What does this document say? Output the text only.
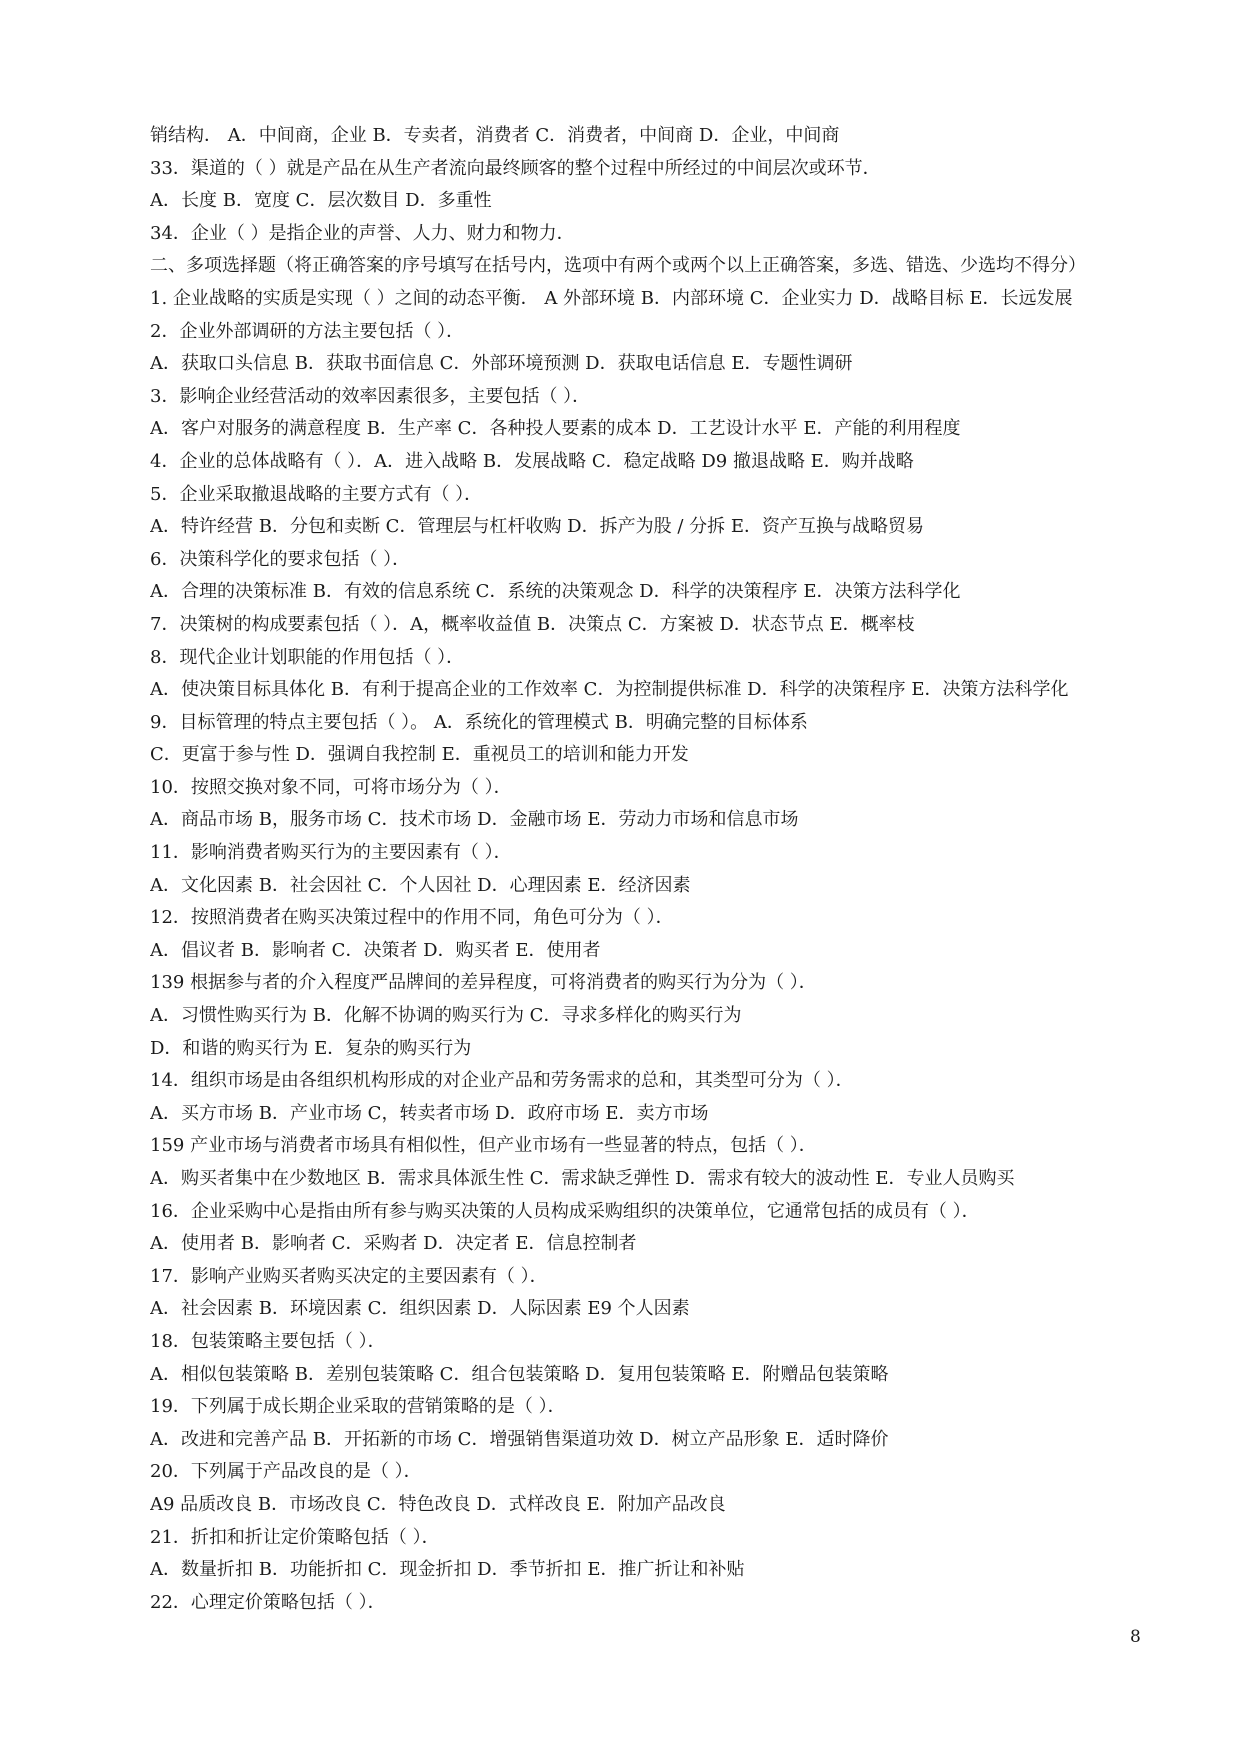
销结构． A．中间商，企业 B．专卖者，消费者 C．消费者，中间商 D．企业，中间商
33．渠道的（ ）就是产品在从生产者流向最终顾客的整个过程中所经过的中间层次或环节．
A．长度 B．宽度 C．层次数目 D．多重性
34．企业（ ）是指企业的声誉、人力、财力和物力．
二、多项选择题（将正确答案的序号填写在括号内，选项中有两个或两个以上正确答案，多选、错选、少选均不得分）
1. 企业战略的实质是实现（ ）之间的动态平衡． A 外部环境 B．内部环境 C．企业实力 D．战略目标 E．长远发展
2．企业外部调研的方法主要包括（ ）．
A．获取口头信息 B．获取书面信息 C．外部环境预测 D．获取电话信息 E．专题性调研
3．影响企业经营活动的效率因素很多，主要包括（ ）．
A．客户对服务的满意程度 B．生产率 C．各种投人要素的成本 D．工艺设计水平 E．产能的利用程度
4．企业的总体战略有（ ）．A．进入战略 B．发展战略 C．稳定战略 D9 撤退战略 E．购并战略
5．企业采取撤退战略的主要方式有（ ）．
A．特许经营 B．分包和卖断 C．管理层与杠杆收购 D．拆产为股 / 分拆 E．资产互换与战略贸易
6．决策科学化的要求包括（ ）．
A．合理的决策标准 B．有效的信息系统 C．系统的决策观念 D．科学的决策程序 E．决策方法科学化
7．决策树的构成要素包括（ ）．A，概率收益值 B．决策点 C．方案被 D．状态节点 E．概率枝
8．现代企业计划职能的作用包括（ ）．
A．使决策目标具体化 B．有利于提高企业的工作效率 C．为控制提供标准 D．科学的决策程序 E．决策方法科学化
9．目标管理的特点主要包括（ ）。 A．系统化的管理模式 B．明确完整的目标体系
C．更富于参与性 D．强调自我控制 E．重视员工的培训和能力开发
10．按照交换对象不同，可将市场分为（ ）．
A．商品市场 B，服务市场 C．技术市场 D．金融市场 E．劳动力市场和信息市场
11．影响消费者购买行为的主要因素有（ ）．
A．文化因素 B．社会因社 C．个人因社 D．心理因素 E．经济因素
12．按照消费者在购买决策过程中的作用不同，角色可分为（ ）．
A．倡议者 B．影响者 C．决策者 D．购买者 E．使用者
139 根据参与者的介入程度严品牌间的差异程度，可将消费者的购买行为分为（ ）．
A．习惯性购买行为 B．化解不协调的购买行为 C．寻求多样化的购买行为
D．和谐的购买行为 E．复杂的购买行为
14．组织市场是由各组织机构形成的对企业产品和劳务需求的总和，其类型可分为（ ）．
A．买方市场 B．产业市场 C，转卖者市场 D．政府市场 E．卖方市场
159 产业市场与消费者市场具有相似性，但产业市场有一些显著的特点，包括（ ）．
A．购买者集中在少数地区 B．需求具体派生性 C．需求缺乏弹性 D．需求有较大的波动性 E．专业人员购买
16．企业采购中心是指由所有参与购买决策的人员构成采购组织的决策单位，它通常包括的成员有（ ）．
A．使用者 B．影响者 C．采购者 D．决定者 E．信息控制者
17．影响产业购买者购买决定的主要因素有（ ）．
A．社会因素 B．环境因素 C．组织因素 D．人际因素 E9 个人因素
18．包装策略主要包括（ ）．
A．相似包装策略 B．差别包装策略 C．组合包装策略 D．复用包装策略 E．附赠品包装策略
19．下列属于成长期企业采取的营销策略的是（ ）．
A．改进和完善产品 B．开拓新的市场 C．增强销售渠道功效 D．树立产品形象 E．适时降价
20．下列属于产品改良的是（ ）．
A9 品质改良 B．市场改良 C．特色改良 D．式样改良 E．附加产品改良
21．折扣和折让定价策略包括（ ）．
A．数量折扣 B．功能折扣 C．现金折扣 D．季节折扣 E．推广折让和补贴
22．心理定价策略包括（ ）．
8
